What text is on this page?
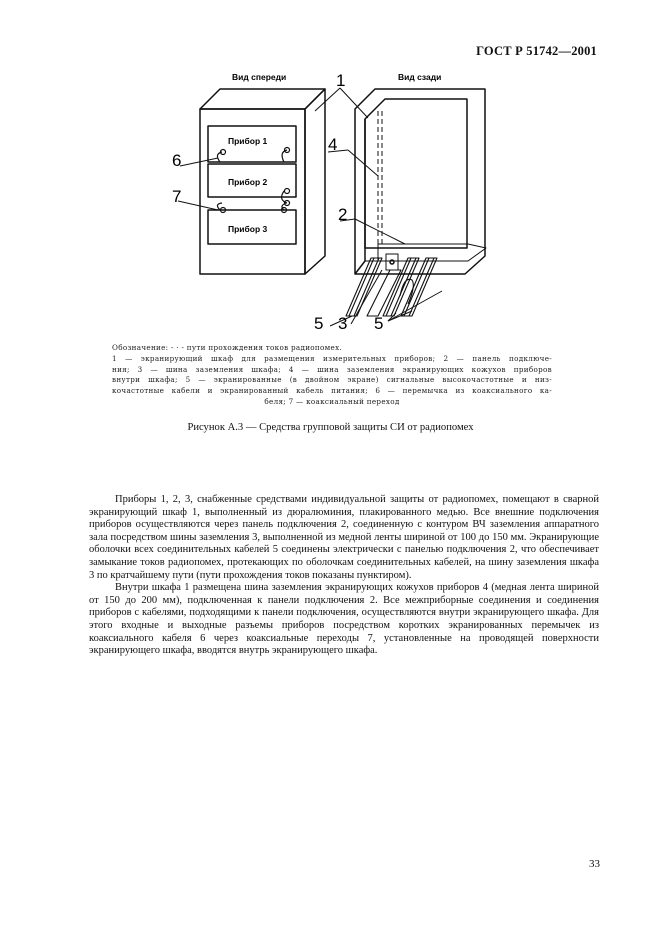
ГОСТ Р 51742—2001
Вид спереди	Вид сзади
Прибор 1
Прибор 2
Прибор 3
1
2
3
4
5	5
6
7
Обозначение: - · - пути прохождения токов радиопомех.
1 — экранирующий шкаф для размещения измерительных приборов; 2 — панель подключе-
ния; 3 — шина заземления шкафа; 4 — шина заземления экранирующих кожухов приборов
внутри шкафа; 5 — экранированные (в двойном экране) сигнальные высокочастотные и низ-
кочастотные кабели и экранированный кабель питания; 6 — перемычка из коаксиального ка-
беля; 7 — коаксиальный переход
Рисунок А.3 — Средства групповой защиты СИ от радиопомех

Приборы 1, 2, 3, снабженные средствами индивидуальной защиты от радиопомех, помещают в сварной экранирующий шкаф 1, выполненный из дюралюминия, плакированного медью. Все внешние подключения приборов осуществляются через панель подключения 2, соединенную с контуром ВЧ заземления аппаратного зала посредством шины заземления 3, выполненной из медной ленты шириной от 100 до 150 мм. Экранирующие оболочки всех соединительных кабелей 5 соединены электрически с панелью подключения 2, что обеспечивает замыкание токов радиопомех, протекающих по оболочкам соединительных кабелей, на шину заземления шкафа 3 по кратчайшему пути (пути прохождения токов показаны пунктиром).

Внутри шкафа 1 размещена шина заземления экранирующих кожухов приборов 4 (медная лента шириной от 150 до 200 мм), подключенная к панели подключения 2. Все межприборные соединения и соединения приборов с кабелями, подходящими к панели подключения, осуществляются внутри экранирующего шкафа. Для этого входные и выходные разъемы приборов посредством коротких экранированных перемычек из коаксиального кабеля 6 через коаксиальные переходы 7, установленные на проводящей поверхности экранирующего шкафа, вводятся внутрь экранирующего шкафа.

33
